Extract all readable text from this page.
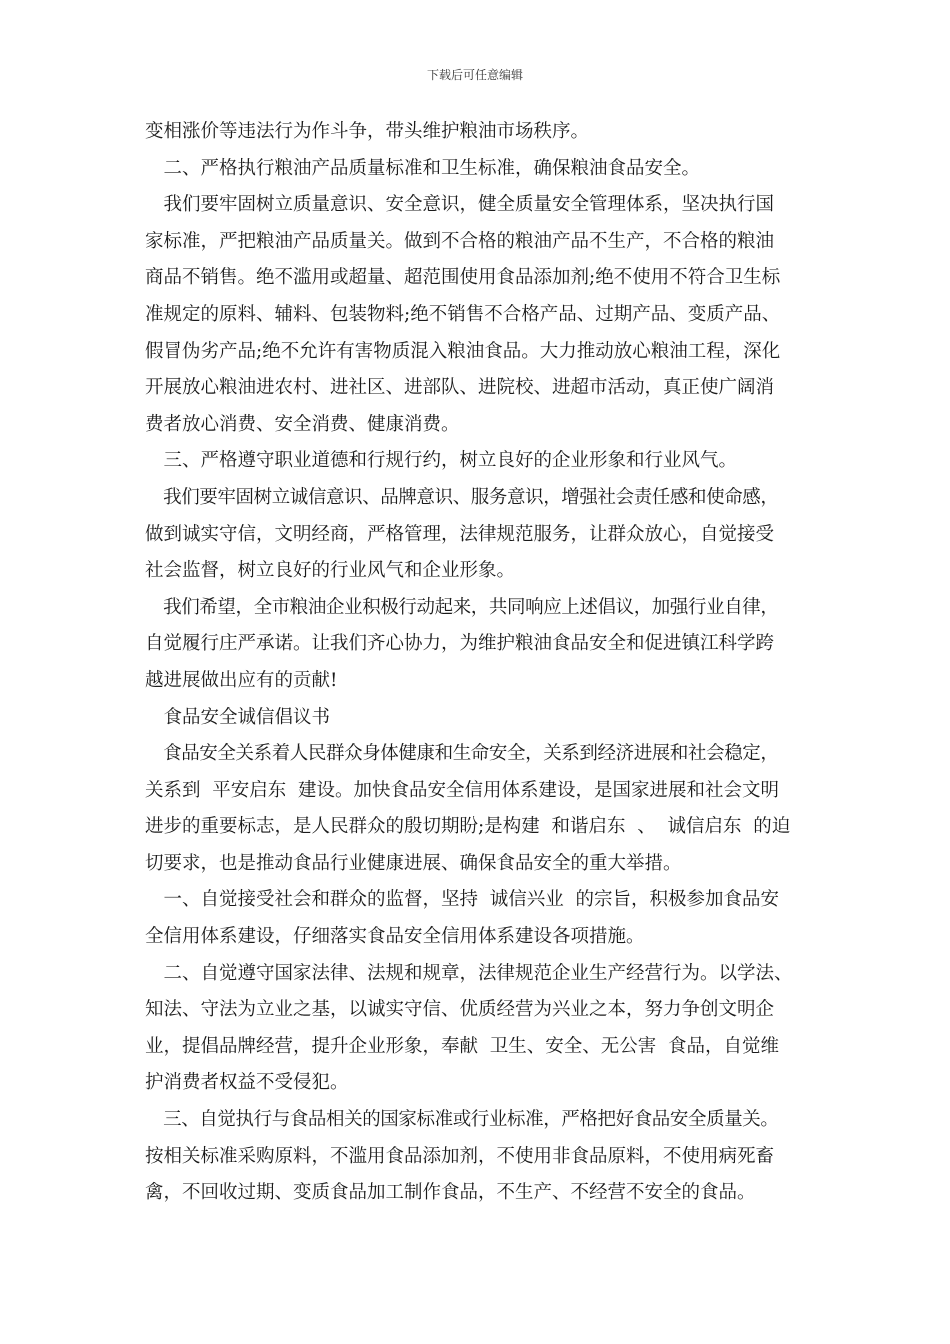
下载后可任意编辑
变相涨价等违法行为作斗争，带头维护粮油市场秩序。
　二、严格执行粮油产品质量标准和卫生标准，确保粮油食品安全。
　我们要牢固树立质量意识、安全意识，健全质量安全管理体系，坚决执行国
家标准，严把粮油产品质量关。做到不合格的粮油产品不生产，不合格的粮油
商品不销售。绝不滥用或超量、超范围使用食品添加剂;绝不使用不符合卫生标
准规定的原料、辅料、包装物料;绝不销售不合格产品、过期产品、变质产品、
假冒伪劣产品;绝不允许有害物质混入粮油食品。大力推动放心粮油工程，深化
开展放心粮油进农村、进社区、进部队、进院校、进超市活动，真正使广阔消
费者放心消费、安全消费、健康消费。
　三、严格遵守职业道德和行规行约，树立良好的企业形象和行业风气。
　我们要牢固树立诚信意识、品牌意识、服务意识，增强社会责任感和使命感，
做到诚实守信，文明经商，严格管理，法律规范服务，让群众放心，自觉接受
社会监督，树立良好的行业风气和企业形象。
　我们希望，全市粮油企业积极行动起来，共同响应上述倡议，加强行业自律，
自觉履行庄严承诺。让我们齐心协力，为维护粮油食品安全和促进镇江科学跨
越进展做出应有的贡献!
　食品安全诚信倡议书
　食品安全关系着人民群众身体健康和生命安全，关系到经济进展和社会稳定，
关系到  平安启东  建设。加快食品安全信用体系建设，是国家进展和社会文明
进步的重要标志，是人民群众的殷切期盼;是构建  和谐启东  、  诚信启东  的迫
切要求，也是推动食品行业健康进展、确保食品安全的重大举措。
　一、自觉接受社会和群众的监督，坚持  诚信兴业  的宗旨，积极参加食品安
全信用体系建设，仔细落实食品安全信用体系建设各项措施。
　二、自觉遵守国家法律、法规和规章，法律规范企业生产经营行为。以学法、
知法、守法为立业之基，以诚实守信、优质经营为兴业之本，努力争创文明企
业，提倡品牌经营，提升企业形象，奉献  卫生、安全、无公害  食品，自觉维
护消费者权益不受侵犯。
　三、自觉执行与食品相关的国家标准或行业标准，严格把好食品安全质量关。
按相关标准采购原料，不滥用食品添加剂，不使用非食品原料，不使用病死畜
禽，不回收过期、变质食品加工制作食品，不生产、不经营不安全的食品。
